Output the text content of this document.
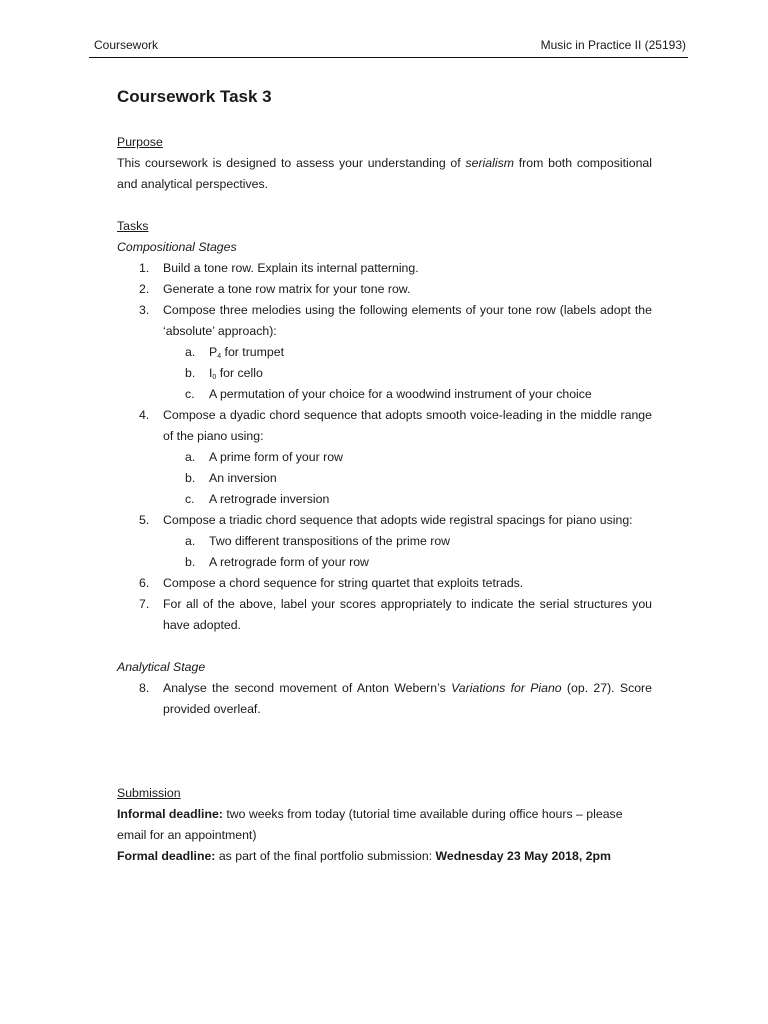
Coursework	Music in Practice II (25193)
Coursework Task 3

Purpose

This coursework is designed to assess your understanding of serialism from both compositional and analytical perspectives.

Tasks

Compositional Stages

1. Build a tone row. Explain its internal patterning.
2. Generate a tone row matrix for your tone row.
3. Compose three melodies using the following elements of your tone row (labels adopt the ‘absolute’ approach):
a. $P_4$ for trumpet
b. $I_0$ for cello
c. A permutation of your choice for a woodwind instrument of your choice
4. Compose a dyadic chord sequence that adopts smooth voice-leading in the middle range of the piano using:
a. A prime form of your row
b. An inversion
c. A retrograde inversion
5. Compose a triadic chord sequence that adopts wide registral spacings for piano using:
a. Two different transpositions of the prime row
b. A retrograde form of your row
6. Compose a chord sequence for string quartet that exploits tetrads.
7. For all of the above, label your scores appropriately to indicate the serial structures you have adopted.

Analytical Stage

8. Analyse the second movement of Anton Webern’s Variations for Piano (op. 27). Score provided overleaf.

Submission

Informal deadline: two weeks from today (tutorial time available during office hours – please email for an appointment)

Formal deadline: as part of the final portfolio submission: Wednesday 23 May 2018, 2pm
